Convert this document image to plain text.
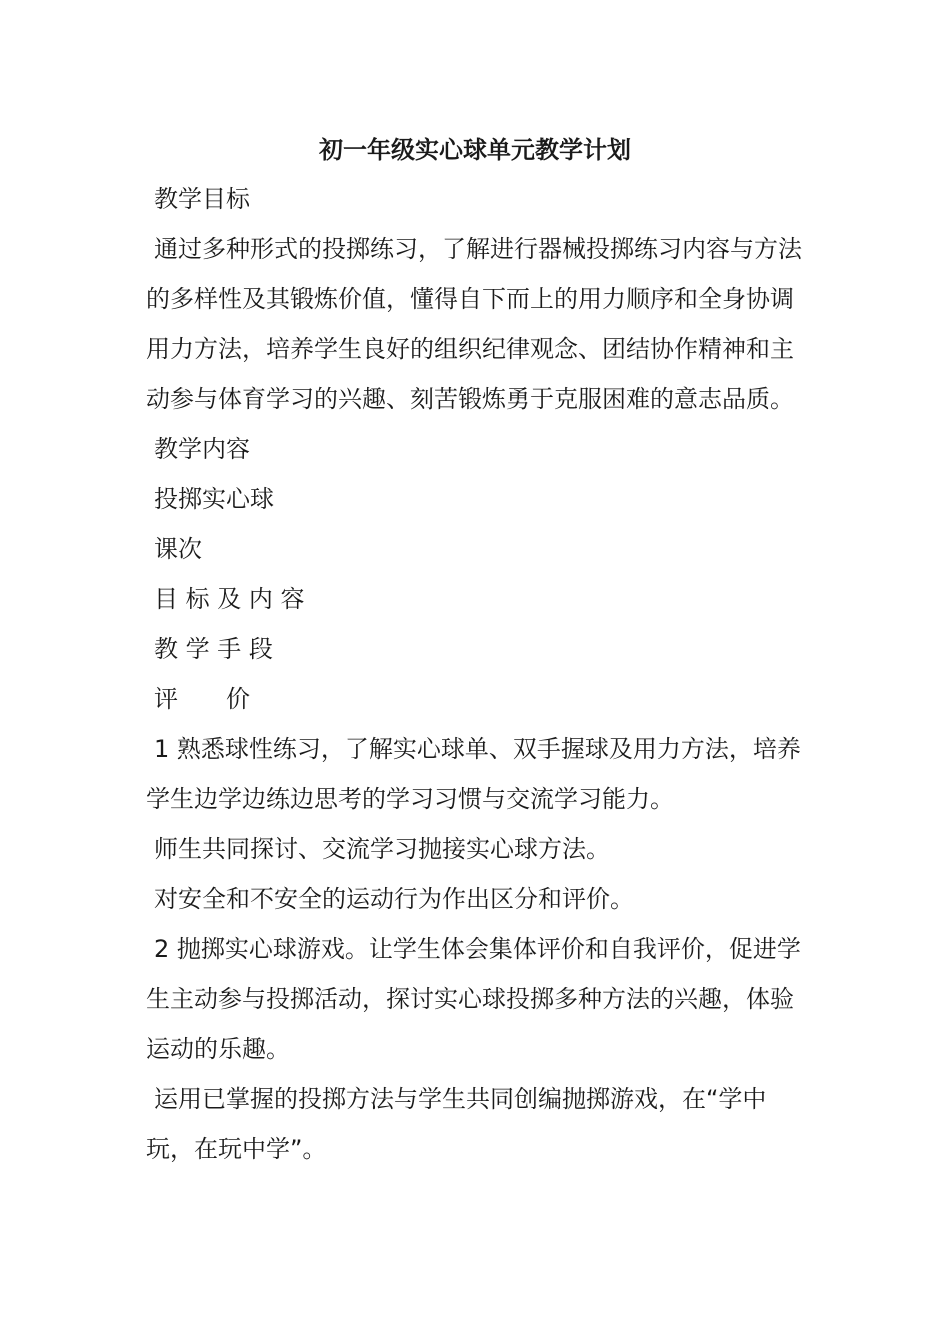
初一年级实心球单元教学计划

教学目标

通过多种形式的投掷练习，了解进行器械投掷练习内容与方法的多样性及其锻炼价值，懂得自下而上的用力顺序和全身协调用力方法，培养学生良好的组织纪律观念、团结协作精神和主动参与体育学习的兴趣、刻苦锻炼勇于克服困难的意志品质。

教学内容

投掷实心球

课次

目 标 及 内 容

教 学 手 段

评　　价

1 熟悉球性练习，了解实心球单、双手握球及用力方法，培养学生边学边练边思考的学习习惯与交流学习能力。

师生共同探讨、交流学习抛接实心球方法。

对安全和不安全的运动行为作出区分和评价。

2 抛掷实心球游戏。让学生体会集体评价和自我评价，促进学生主动参与投掷活动，探讨实心球投掷多种方法的兴趣，体验运动的乐趣。

运用已掌握的投掷方法与学生共同创编抛掷游戏，在“学中玩，在玩中学”。
